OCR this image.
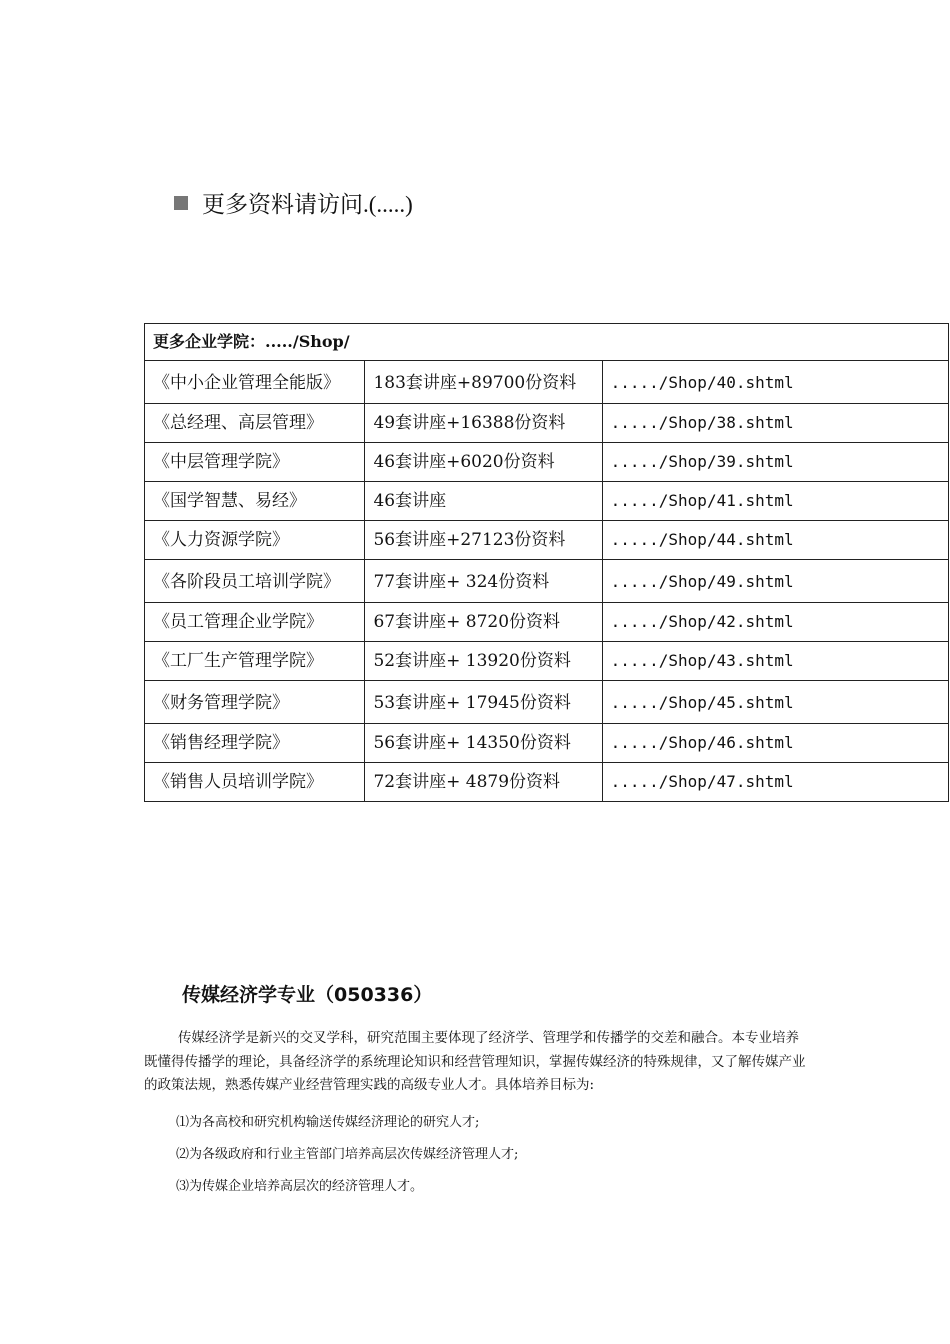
更多资料请访问.(.....)
更多企业学院：...../Shop/		
《中小企业管理全能版》	183套讲座+89700份资料	...../Shop/40.shtml
《总经理、高层管理》	49套讲座+16388份资料	...../Shop/38.shtml
《中层管理学院》	46套讲座+6020份资料	...../Shop/39.shtml
《国学智慧、易经》	46套讲座	...../Shop/41.shtml
《人力资源学院》	56套讲座+27123份资料	...../Shop/44.shtml
《各阶段员工培训学院》	77套讲座+ 324份资料	...../Shop/49.shtml
《员工管理企业学院》	67套讲座+ 8720份资料	...../Shop/42.shtml
《工厂生产管理学院》	52套讲座+ 13920份资料	...../Shop/43.shtml
《财务管理学院》	53套讲座+ 17945份资料	...../Shop/45.shtml
《销售经理学院》	56套讲座+ 14350份资料	...../Shop/46.shtml
《销售人员培训学院》	72套讲座+ 4879份资料	...../Shop/47.shtml
传媒经济学专业（050336）
传媒经济学是新兴的交叉学科，研究范围主要体现了经济学、管理学和传播学的交差和融合。本专业培养既懂得传播学的理论，具备经济学的系统理论知识和经营管理知识，掌握传媒经济的特殊规律，又了解传媒产业的政策法规，熟悉传媒产业经营管理实践的高级专业人才。具体培养目标为:
⑴为各高校和研究机构输送传媒经济理论的研究人才;
⑵为各级政府和行业主管部门培养高层次传媒经济管理人才;
⑶为传媒企业培养高层次的经济管理人才。
